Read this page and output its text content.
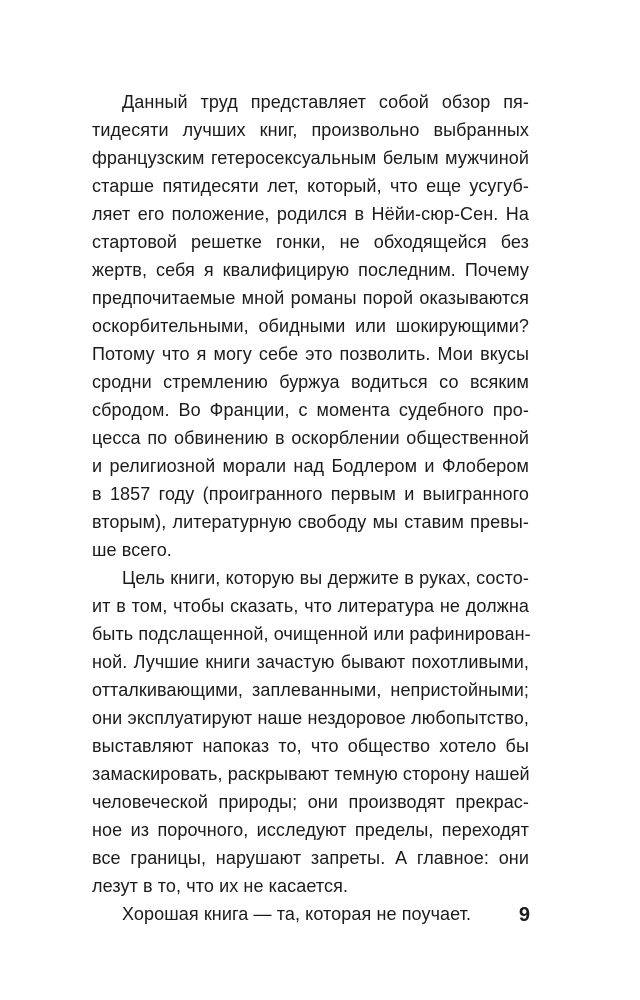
Данный труд представляет собой обзор пя-
тидесяти лучших книг, произвольно выбранных
французским гетеросексуальным белым мужчиной
старше пятидесяти лет, который, что еще усугуб-
ляет его положение, родился в Нёйи-сюр-Сен. На
стартовой решетке гонки, не обходящейся без
жертв, себя я квалифицирую последним. Почему
предпочитаемые мной романы порой оказываются
оскорбительными, обидными или шокирующими?
Потому что я могу себе это позволить. Мои вкусы
сродни стремлению буржуа водиться со всяким
сбродом. Во Франции, с момента судебного про-
цесса по обвинению в оскорблении общественной
и религиозной морали над Бодлером и Флобером
в 1857 году (проигранного первым и выигранного
вторым), литературную свободу мы ставим превы-
ше всего.
Цель книги, которую вы держите в руках, состо-
ит в том, чтобы сказать, что литература не должна
быть подслащенной, очищенной или рафинирован-
ной. Лучшие книги зачастую бывают похотливыми,
отталкивающими, заплеванными, непристойными;
они эксплуатируют наше нездоровое любопытство,
выставляют напоказ то, что общество хотело бы
замаскировать, раскрывают темную сторону нашей
человеческой природы; они производят прекрас-
ное из порочного, исследуют пределы, переходят
все границы, нарушают запреты. А главное: они
лезут в то, что их не касается.
Хорошая книга — та, которая не поучает.	9
